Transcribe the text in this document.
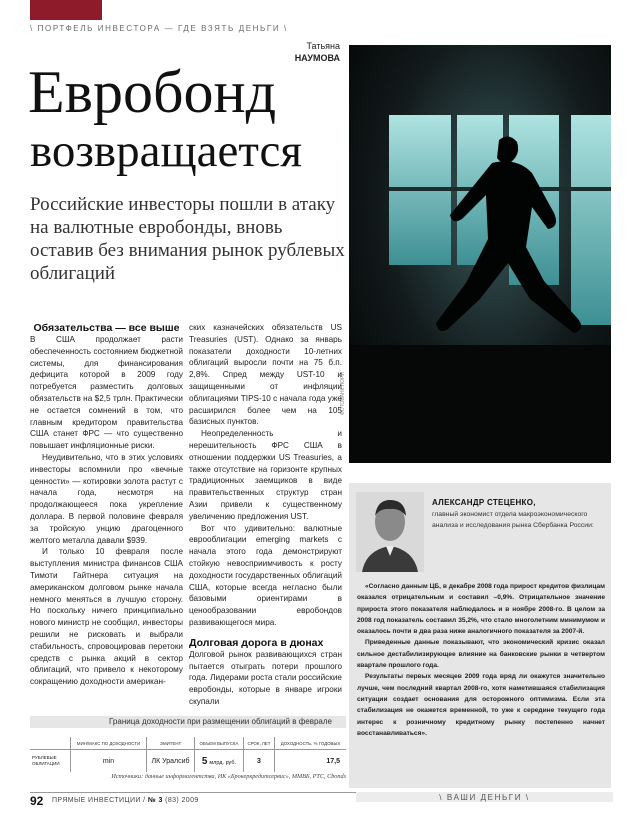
\ ПОРТФЕЛЬ ИНВЕСТОРА — ГДЕ ВЗЯТЬ ДЕНЬГИ \
Татьяна
НАУМОВА
Евробонд
возвращается
Российские инвесторы пошли в атаку на валютные евробонды, вновь оставив без внимания рынок рублевых облигаций
ФОТОБАНК ЛОРИ
Обязательства — все выше

В США продолжает расти обеспеченность состоянием бюджетной системы, для финансирования дефицита которой в 2009 году потребуется разместить долговых обязательств на $2,5 трлн. Практически не остается сомнений в том, что главным кредитором правительства США станет ФРС — что существенно повышает инфляционные риски.

Неудивительно, что в этих условиях инвесторы вспомнили про «вечные ценности» — котировки золота растут с начала года, несмотря на продолжающееся пока укрепление доллара. В первой половине февраля за тройскую унцию драгоценного желтого металла давали $939.

И только 10 февраля после выступления министра финансов США Тимоти Гайтнера ситуация на американском долговом рынке начала немного меняться в лучшую сторону. Но поскольку ничего принципиально нового министр не сообщил, инвесторы решили не рисковать и выбрали стабильность, спровоцировав перетоки средств с рынка акций в сектор облигаций, что привело к некоторому сокращению доходности американ-

ских казначейских обязательств US Treasuries (UST). Однако за январь показатели доходности 10-летних облигаций выросли почти на 75 б.п. 2,8%. Спред между UST-10 и защищенными от инфляции облигациями TIPS-10 с начала года уже расширился более чем на 105 базисных пунктов.

Неопределенность и нерешительность ФРС США в отношении поддержки US Treasuries, а также отсутствие на горизонте крупных традиционных заемщиков в виде правительственных структур стран Азии привели к существенному увеличению предложения UST.

Вот что удивительно: валютные еврооблигации emerging markets с начала этого года демонстрируют стойкую невосприимчивость к росту доходности государственных облигаций США, которые всегда негласно были базовыми ориентирами в ценообразовании евробондов развивающегося мира.

Долговая дорога в дюнах

Долговой рынок развивающихся стран пытается отыграть потери прошлого года. Лидерами роста стали российские евробонды, которые в январе игроки скупали

АЛЕКСАНДР СТЕЦЕНКО,
главный экономист отдела макроэкономического анализа и исследования рынка Сбербанка России:

«Согласно данным ЦБ, в декабре 2008 года прирост кредитов физлицам оказался отрицательным и составил –0,9%. Отрицательное значение прироста этого показателя наблюдалось и в ноябре 2008-го. В целом за 2008 год показатель составил 35,2%, что стало многолетним минимумом и оказалось почти в два раза ниже аналогичного показателя за 2007-й.

Приведенные данные показывают, что экономический кризис оказал сильное дестабилизирующее влияние на банковские рынки в четвертом квартале прошлого года.

Результаты первых месяцев 2009 года вряд ли окажутся значительно лучше, чем последний квартал 2008-го, хотя наметившаяся стабилизация ситуации создает основания для осторожного оптимизма. Если эта стабилизация не окажется временной, то уже к середине текущего года интерес к розничному кредитному рынку постепенно начнет восстанавливаться».

Граница доходности при размещении облигаций в феврале
	МИН/МАКС ПО ДОХОДНОСТИ	ЭМИТЕНТ	ОБЪЕМ ВЫПУСКА	СРОК, ЛЕТ	ДОХОДНОСТЬ, % ГОДОВЫХ
РУБЛЕВЫЕ ОБЛИГАЦИИ	min	ЛК Уралсиб	5 млрд. руб.	3	17,5
Источники: данные информагентства, ИК «Брокеркредитсервис», ММВБ, РТС, Cbonds
92 ПРЯМЫЕ ИНВЕСТИЦИИ / № 3 (83) 2009	\ ВАШИ ДЕНЬГИ \
